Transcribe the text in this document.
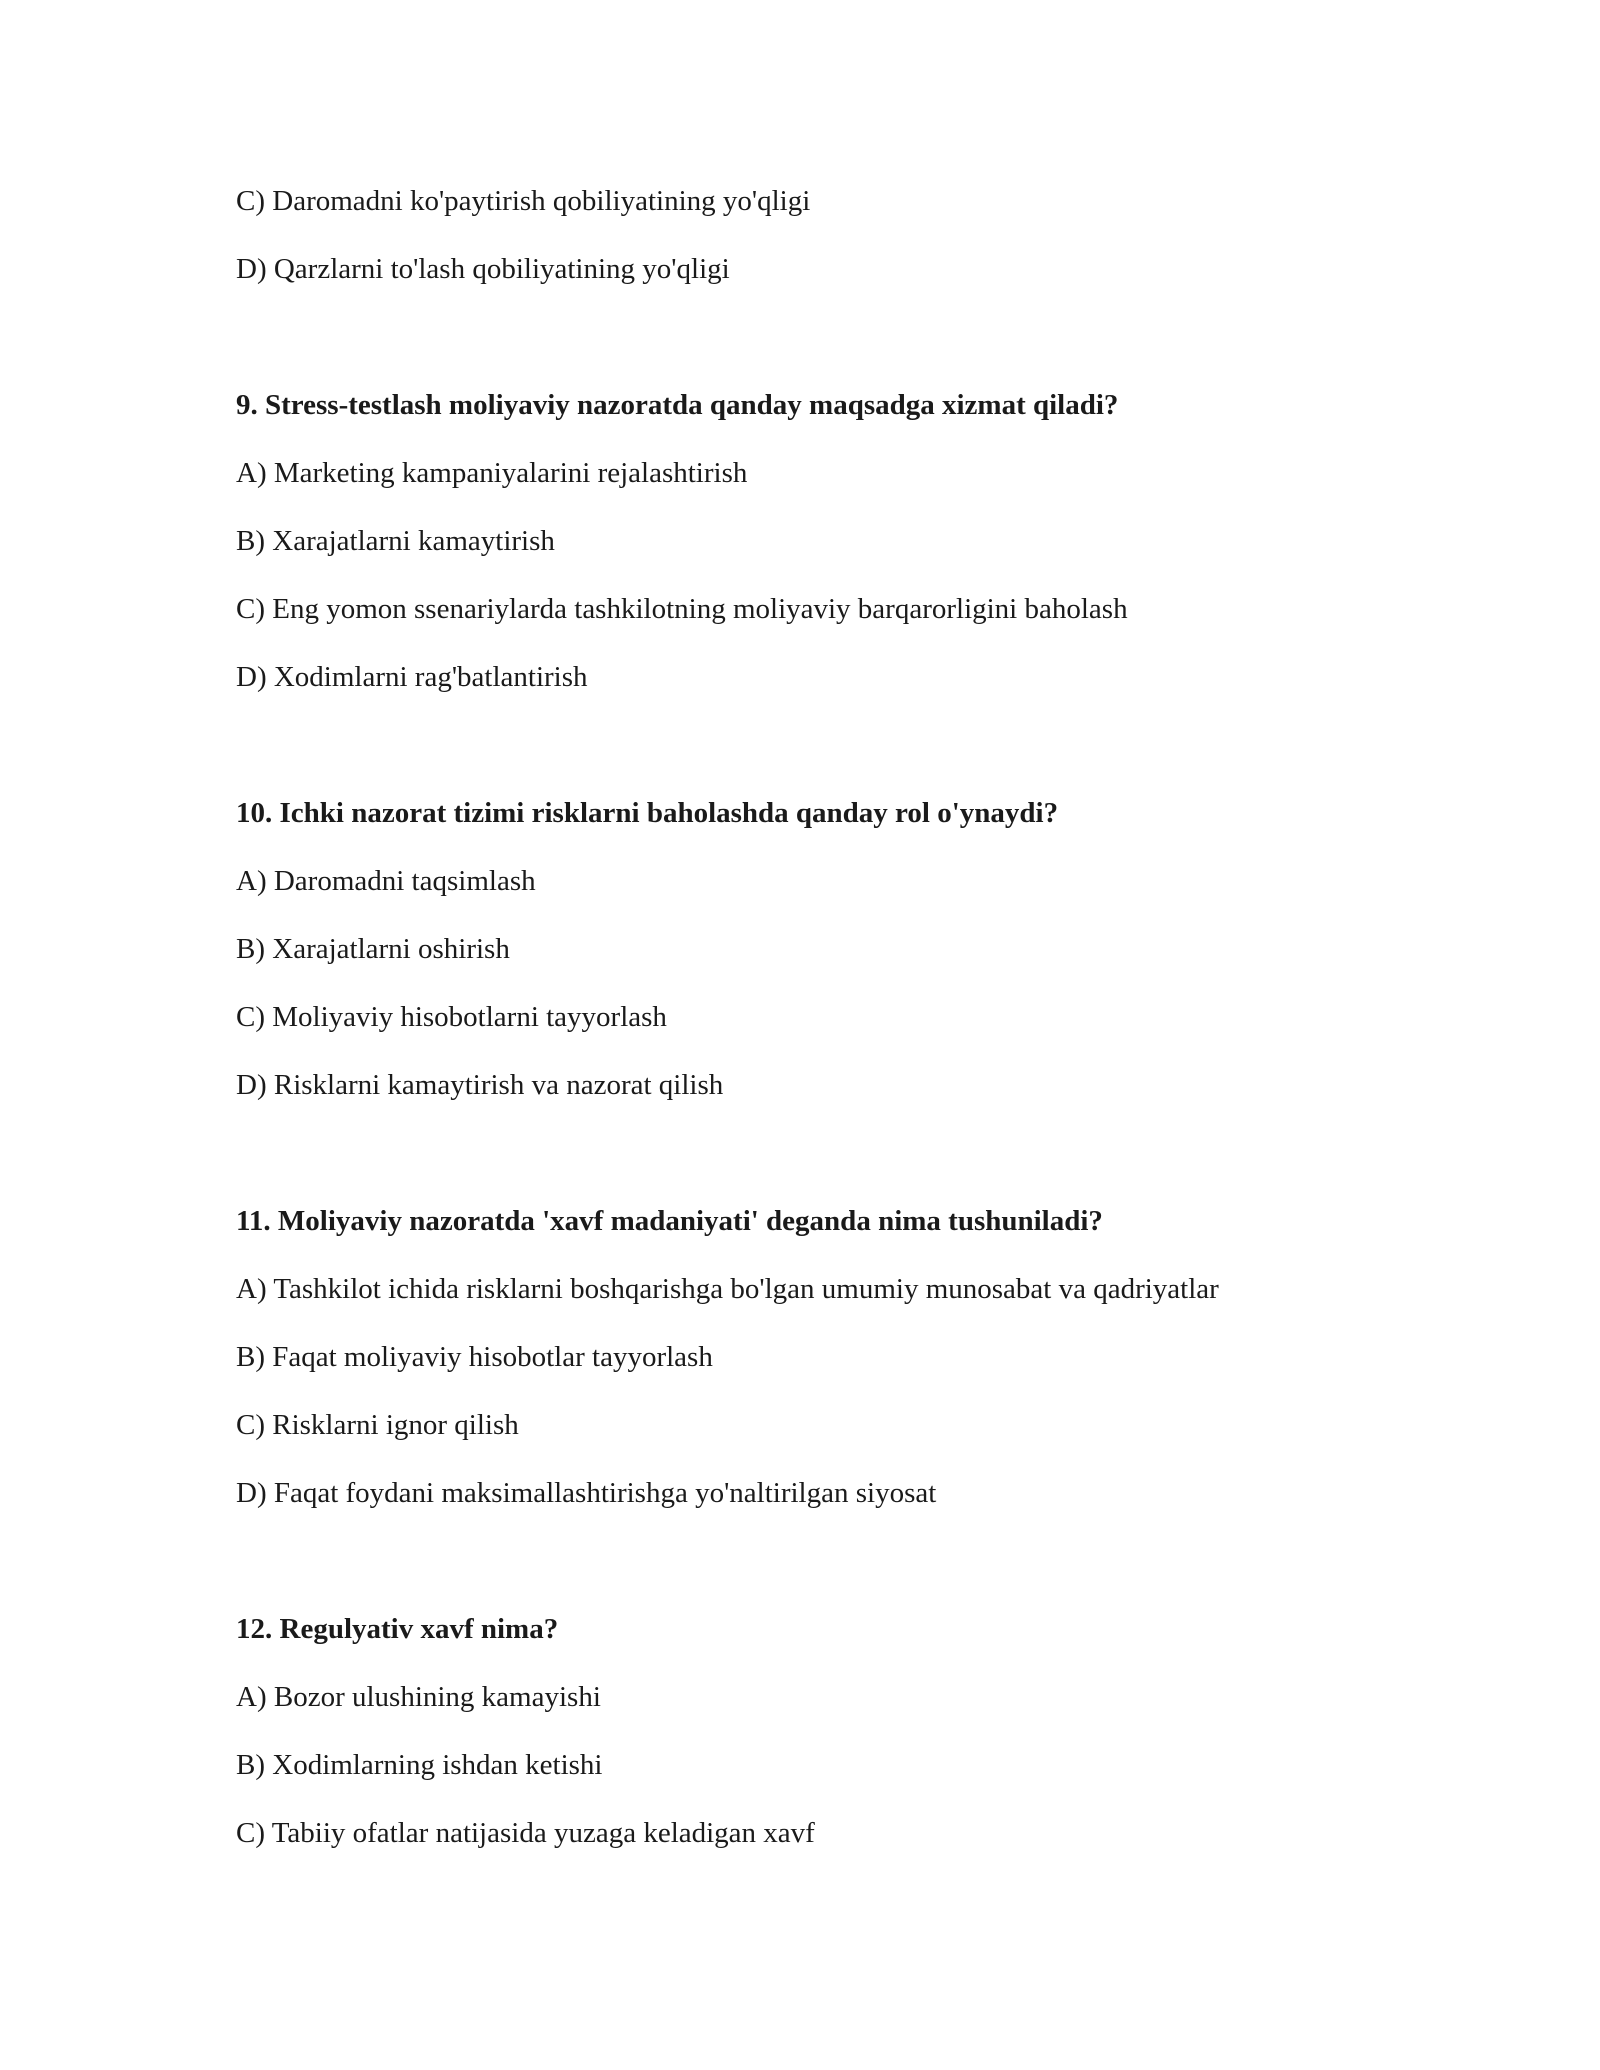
C) Daromadni ko'paytirish qobiliyatining yo'qligi
D) Qarzlarni to'lash qobiliyatining yo'qligi
9. Stress-testlash moliyaviy nazoratda qanday maqsadga xizmat qiladi?
A) Marketing kampaniyalarini rejalashtirish
B) Xarajatlarni kamaytirish
C) Eng yomon ssenariylarda tashkilotning moliyaviy barqarorligini baholash
D) Xodimlarni rag'batlantirish
10. Ichki nazorat tizimi risklarni baholashda qanday rol o'ynaydi?
A) Daromadni taqsimlash
B) Xarajatlarni oshirish
C) Moliyaviy hisobotlarni tayyorlash
D) Risklarni kamaytirish va nazorat qilish
11. Moliyaviy nazoratda 'xavf madaniyati' deganda nima tushuniladi?
A) Tashkilot ichida risklarni boshqarishga bo'lgan umumiy munosabat va qadriyatlar
B) Faqat moliyaviy hisobotlar tayyorlash
C) Risklarni ignor qilish
D) Faqat foydani maksimallashtirishga yo'naltirilgan siyosat
12. Regulyativ xavf nima?
A) Bozor ulushining kamayishi
B) Xodimlarning ishdan ketishi
C) Tabiiy ofatlar natijasida yuzaga keladigan xavf
